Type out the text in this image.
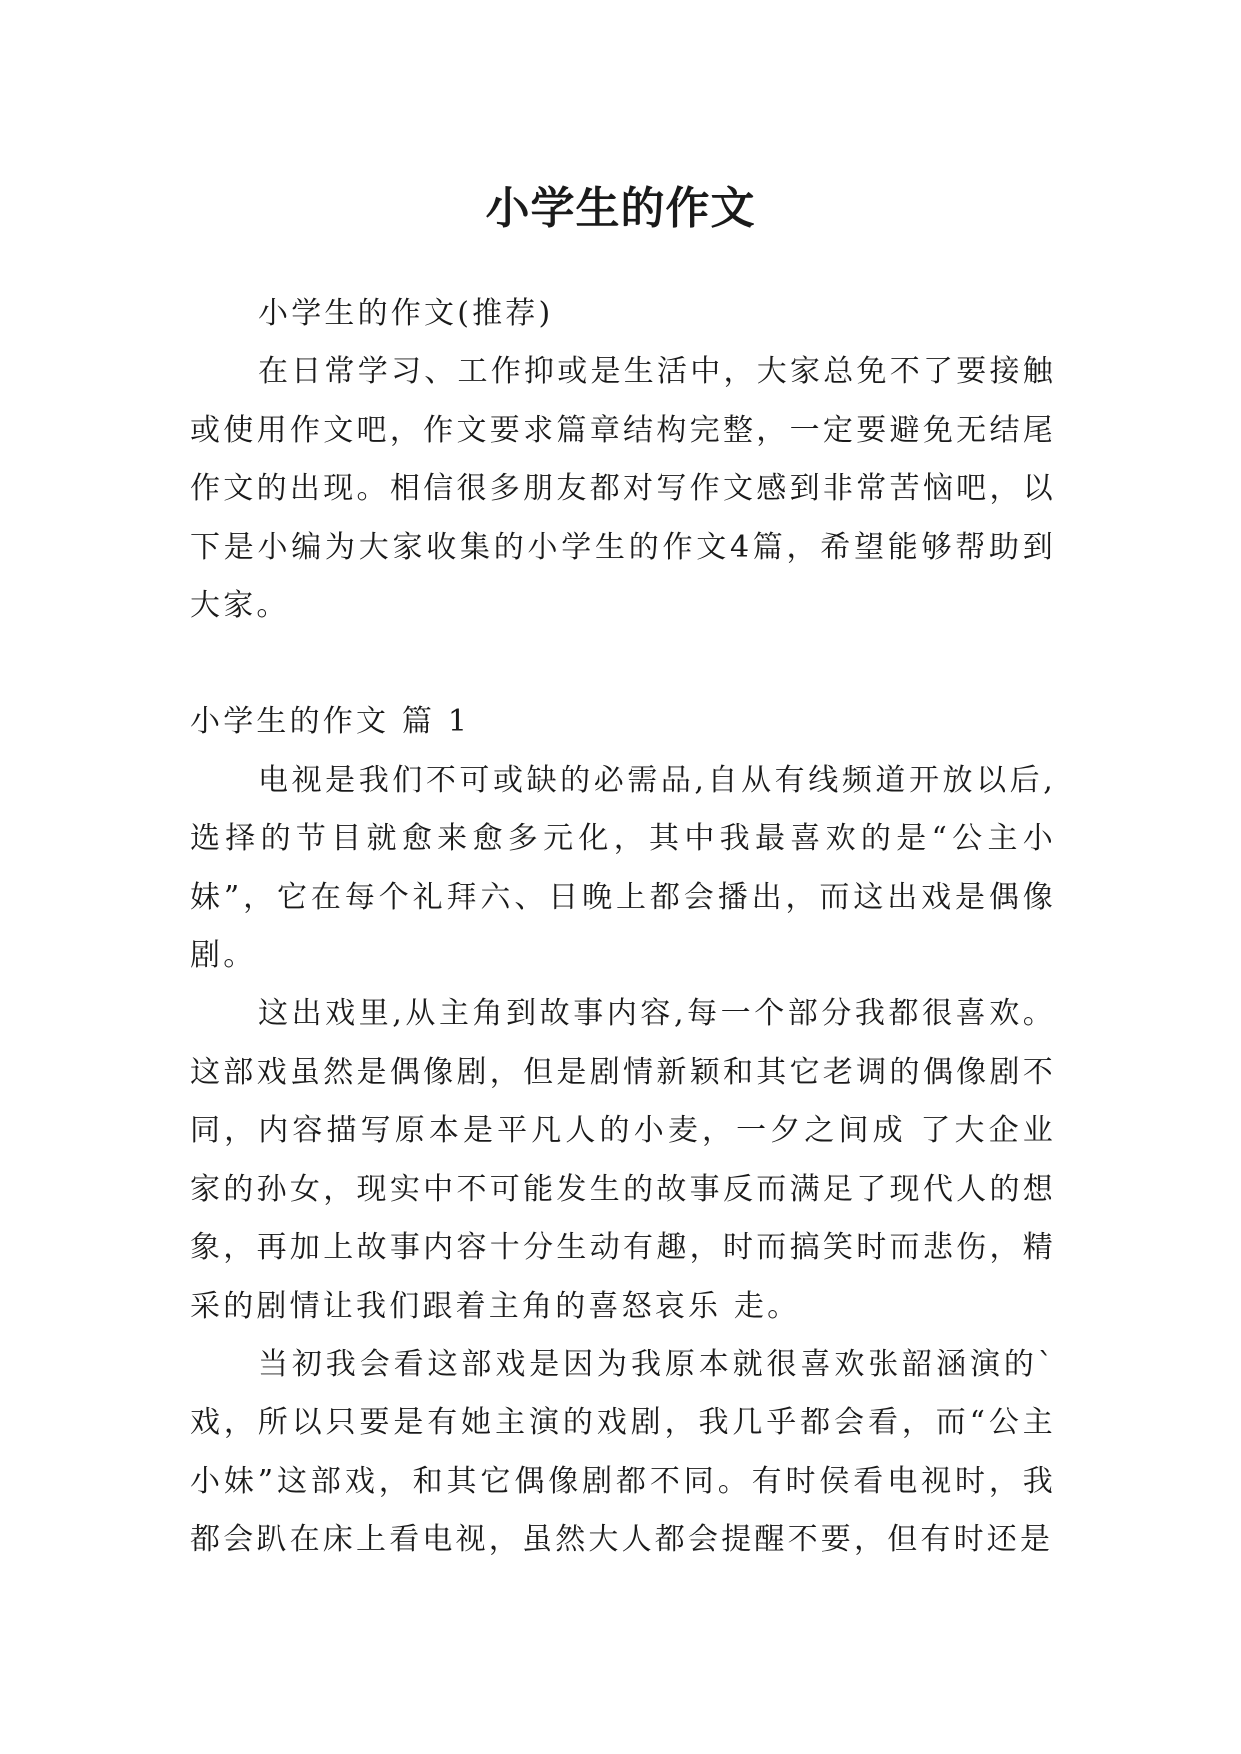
小学生的作文

小学生的作文(推荐)

在日常学习、工作抑或是生活中，大家总免不了要接触或使用作文吧，作文要求篇章结构完整，一定要避免无结尾作文的出现。相信很多朋友都对写作文感到非常苦恼吧，以下是小编为大家收集的小学生的作文4篇，希望能够帮助到大家。

小学生的作文 篇 1

电视是我们不可或缺的必需品,自从有线频道开放以后,选择的节目就愈来愈多元化，其中我最喜欢的是“公主小妹”，它在每个礼拜六、日晚上都会播出，而这出戏是偶像剧。

这出戏里,从主角到故事内容,每一个部分我都很喜欢。这部戏虽然是偶像剧，但是剧情新颖和其它老调的偶像剧不同，内容描写原本是平凡人的小麦，一夕之间成 了大企业家的孙女，现实中不可能发生的故事反而满足了现代人的想象，再加上故事内容十分生动有趣，时而搞笑时而悲伤，精采的剧情让我们跟着主角的喜怒哀乐 走。

当初我会看这部戏是因为我原本就很喜欢张韶涵演的`戏，所以只要是有她主演的戏剧，我几乎都会看，而“公主小妹”这部戏，和其它偶像剧都不同。有时侯看电视时，我都会趴在床上看电视，虽然大人都会提醒不要，但有时还是
